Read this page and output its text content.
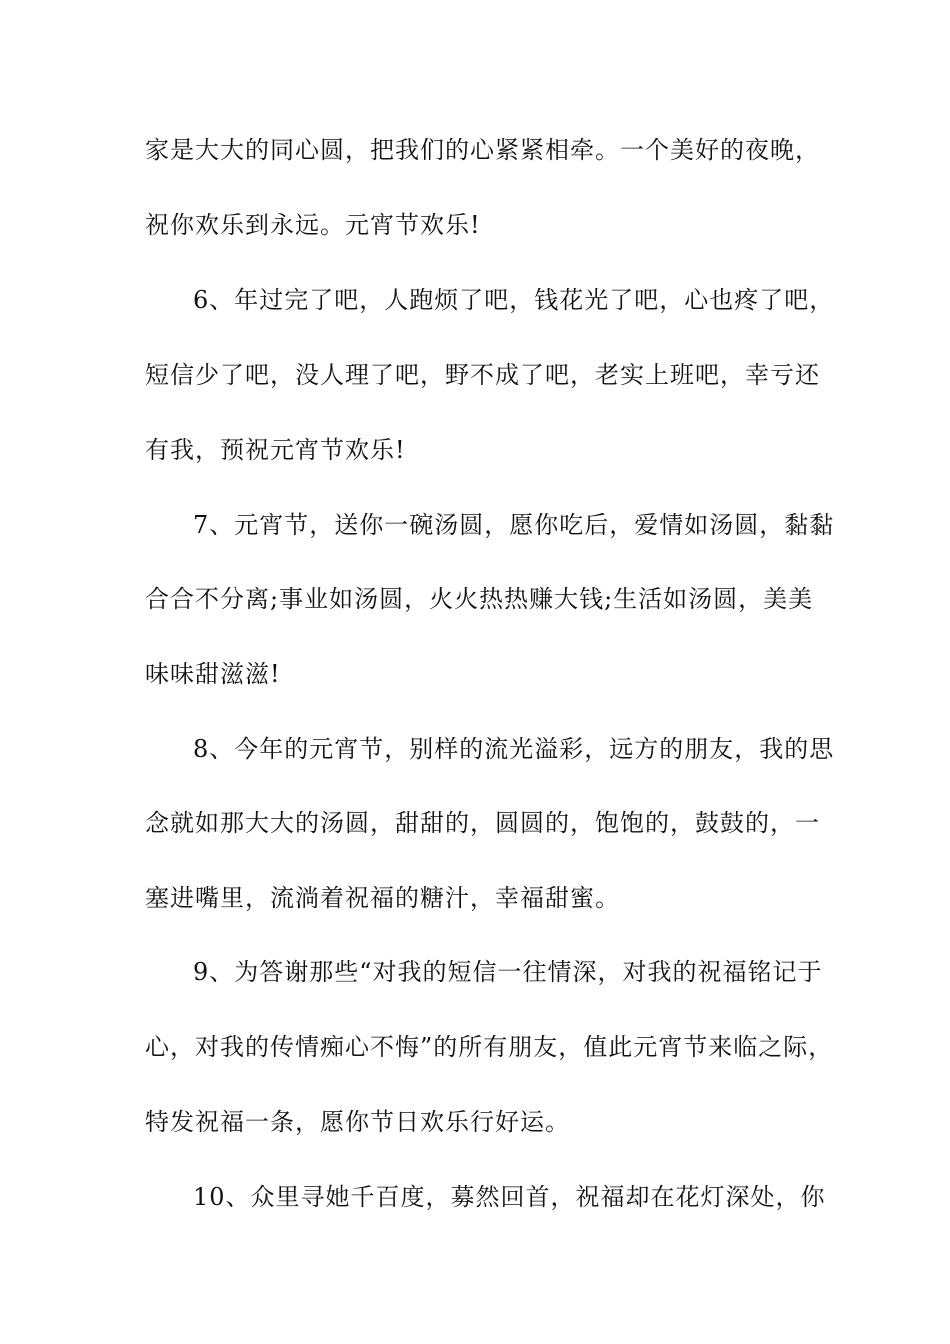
家是大大的同心圆，把我们的心紧紧相牵。一个美好的夜晚，
祝你欢乐到永远。元宵节欢乐!
6、年过完了吧，人跑烦了吧，钱花光了吧，心也疼了吧，
短信少了吧，没人理了吧，野不成了吧，老实上班吧，幸亏还
有我，预祝元宵节欢乐!
7、元宵节，送你一碗汤圆，愿你吃后，爱情如汤圆，黏黏
合合不分离;事业如汤圆，火火热热赚大钱;生活如汤圆，美美
味味甜滋滋!
8、今年的元宵节，别样的流光溢彩，远方的朋友，我的思
念就如那大大的汤圆，甜甜的，圆圆的，饱饱的，鼓鼓的，一
塞进嘴里，流淌着祝福的糖汁，幸福甜蜜。
9、为答谢那些“对我的短信一往情深，对我的祝福铭记于
心，对我的传情痴心不悔”的所有朋友，值此元宵节来临之际，
特发祝福一条，愿你节日欢乐行好运。
10、众里寻她千百度，募然回首，祝福却在花灯深处，你
